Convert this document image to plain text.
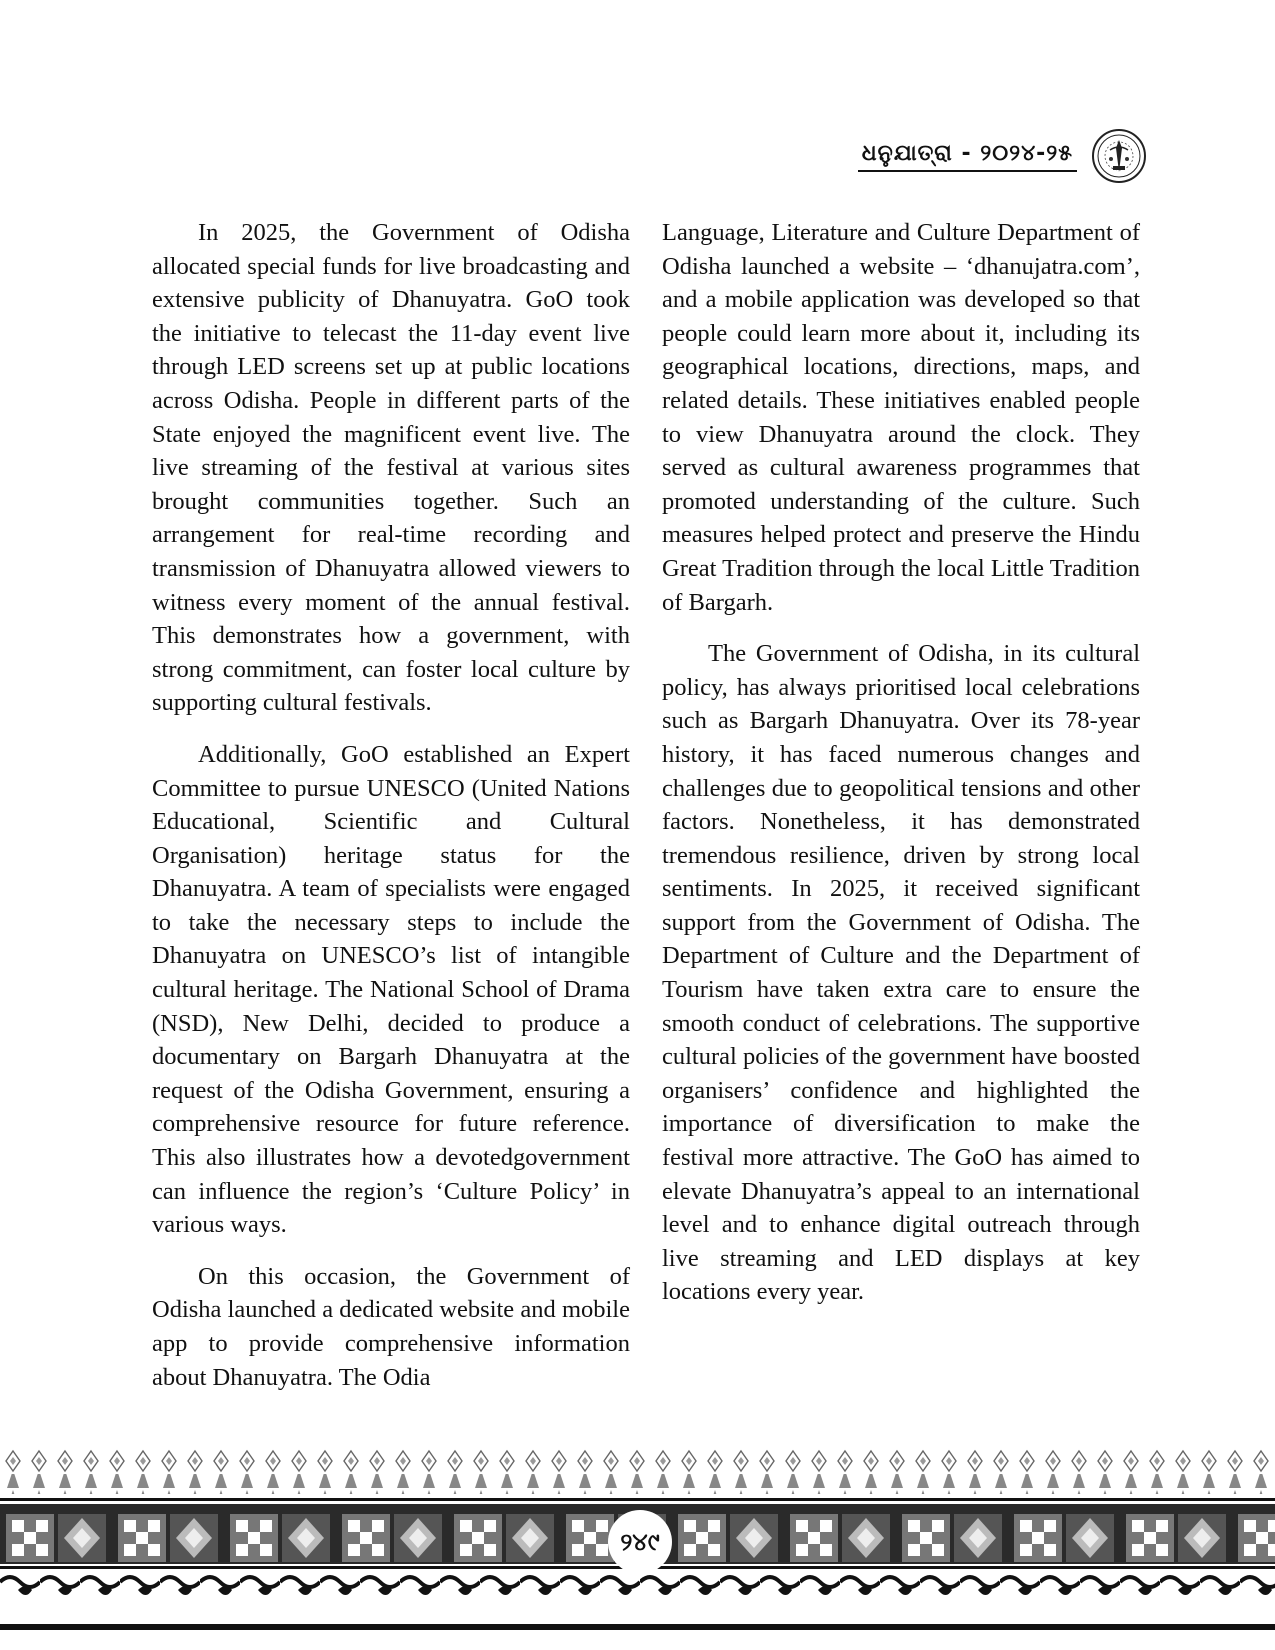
ଧନୁଯାତ୍ରା - ୨୦୨୪-୨୫

In 2025, the Government of Odisha allocated special funds for live broadcasting and extensive publicity of Dhanuyatra. GoO took the initiative to telecast the 11-day event live through LED screens set up at public locations across Odisha. People in different parts of the State enjoyed the magnificent event live. The live streaming of the festival at various sites brought communities together. Such an arrangement for real-time recording and transmission of Dhanuyatra allowed viewers to witness every moment of the annual festival. This demonstrates how a government, with strong commitment, can foster local culture by supporting cultural festivals.

Additionally, GoO established an Expert Committee to pursue UNESCO (United Nations Educational, Scientific and Cultural Organisation) heritage status for the Dhanuyatra. A team of specialists were engaged to take the necessary steps to include the Dhanuyatra on UNESCO’s list of intangible cultural heritage. The National School of Drama (NSD), New Delhi, decided to produce a documentary on Bargarh Dhanuyatra at the request of the Odisha Government, ensuring a comprehensive resource for future reference. This also illustrates how a devotedgovernment can influence the region’s ‘Culture Policy’ in various ways.

On this occasion, the Government of Odisha launched a dedicated website and mobile app to provide comprehensive information about Dhanuyatra. The Odia

Language, Literature and Culture Department of Odisha launched a website – ‘dhanujatra.com’, and a mobile application was developed so that people could learn more about it, including its geographical locations, directions, maps, and related details. These initiatives enabled people to view Dhanuyatra around the clock. They served as cultural awareness programmes that promoted understanding of the culture. Such measures helped protect and preserve the Hindu Great Tradition through the local Little Tradition of Bargarh.

The Government of Odisha, in its cultural policy, has always prioritised local celebrations such as Bargarh Dhanuyatra. Over its 78-year history, it has faced numerous changes and challenges due to geopolitical tensions and other factors. Nonetheless, it has demonstrated tremendous resilience, driven by strong local sentiments. In 2025, it received significant support from the Government of Odisha. The Department of Culture and the Department of Tourism have taken extra care to ensure the smooth conduct of celebrations. The supportive cultural policies of the government have boosted organisers’ confidence and highlighted the importance of diversification to make the festival more attractive. The GoO has aimed to elevate Dhanuyatra’s appeal to an international level and to enhance digital outreach through live streaming and LED displays at key locations every year.

୨୪୯
